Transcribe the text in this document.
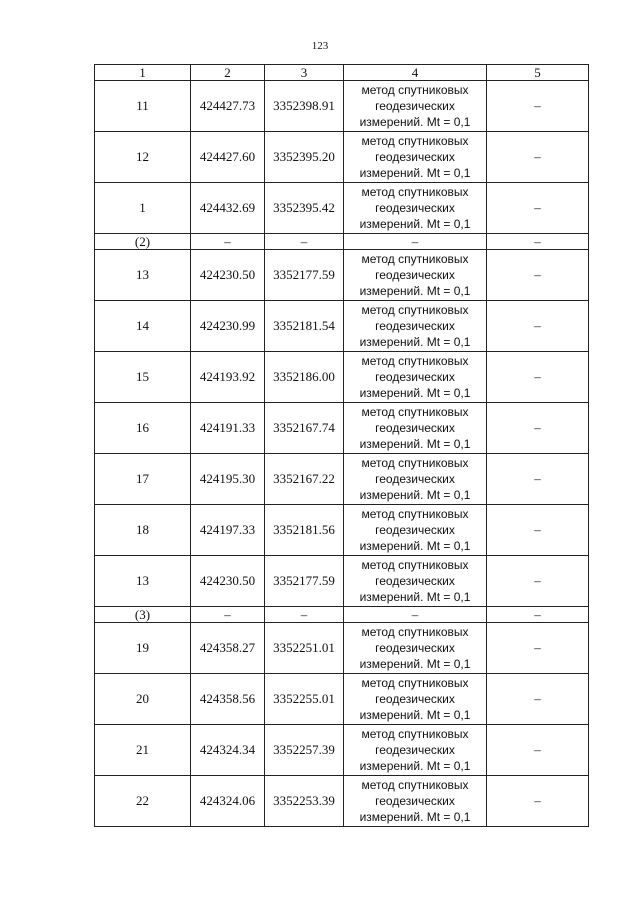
123
1	2	3	4	5
11	424427.73	3352398.91	метод спутниковых
геодезических
измерений. Mt = 0,1	–
12	424427.60	3352395.20	метод спутниковых
геодезических
измерений. Mt = 0,1	–
1	424432.69	3352395.42	метод спутниковых
геодезических
измерений. Mt = 0,1	–
(2)	–	–	–	–
13	424230.50	3352177.59	метод спутниковых
геодезических
измерений. Mt = 0,1	–
14	424230.99	3352181.54	метод спутниковых
геодезических
измерений. Mt = 0,1	–
15	424193.92	3352186.00	метод спутниковых
геодезических
измерений. Mt = 0,1	–
16	424191.33	3352167.74	метод спутниковых
геодезических
измерений. Mt = 0,1	–
17	424195.30	3352167.22	метод спутниковых
геодезических
измерений. Mt = 0,1	–
18	424197.33	3352181.56	метод спутниковых
геодезических
измерений. Mt = 0,1	–
13	424230.50	3352177.59	метод спутниковых
геодезических
измерений. Mt = 0,1	–
(3)	–	–	–	–
19	424358.27	3352251.01	метод спутниковых
геодезических
измерений. Mt = 0,1	–
20	424358.56	3352255.01	метод спутниковых
геодезических
измерений. Mt = 0,1	–
21	424324.34	3352257.39	метод спутниковых
геодезических
измерений. Mt = 0,1	–
22	424324.06	3352253.39	метод спутниковых
геодезических
измерений. Mt = 0,1	–
